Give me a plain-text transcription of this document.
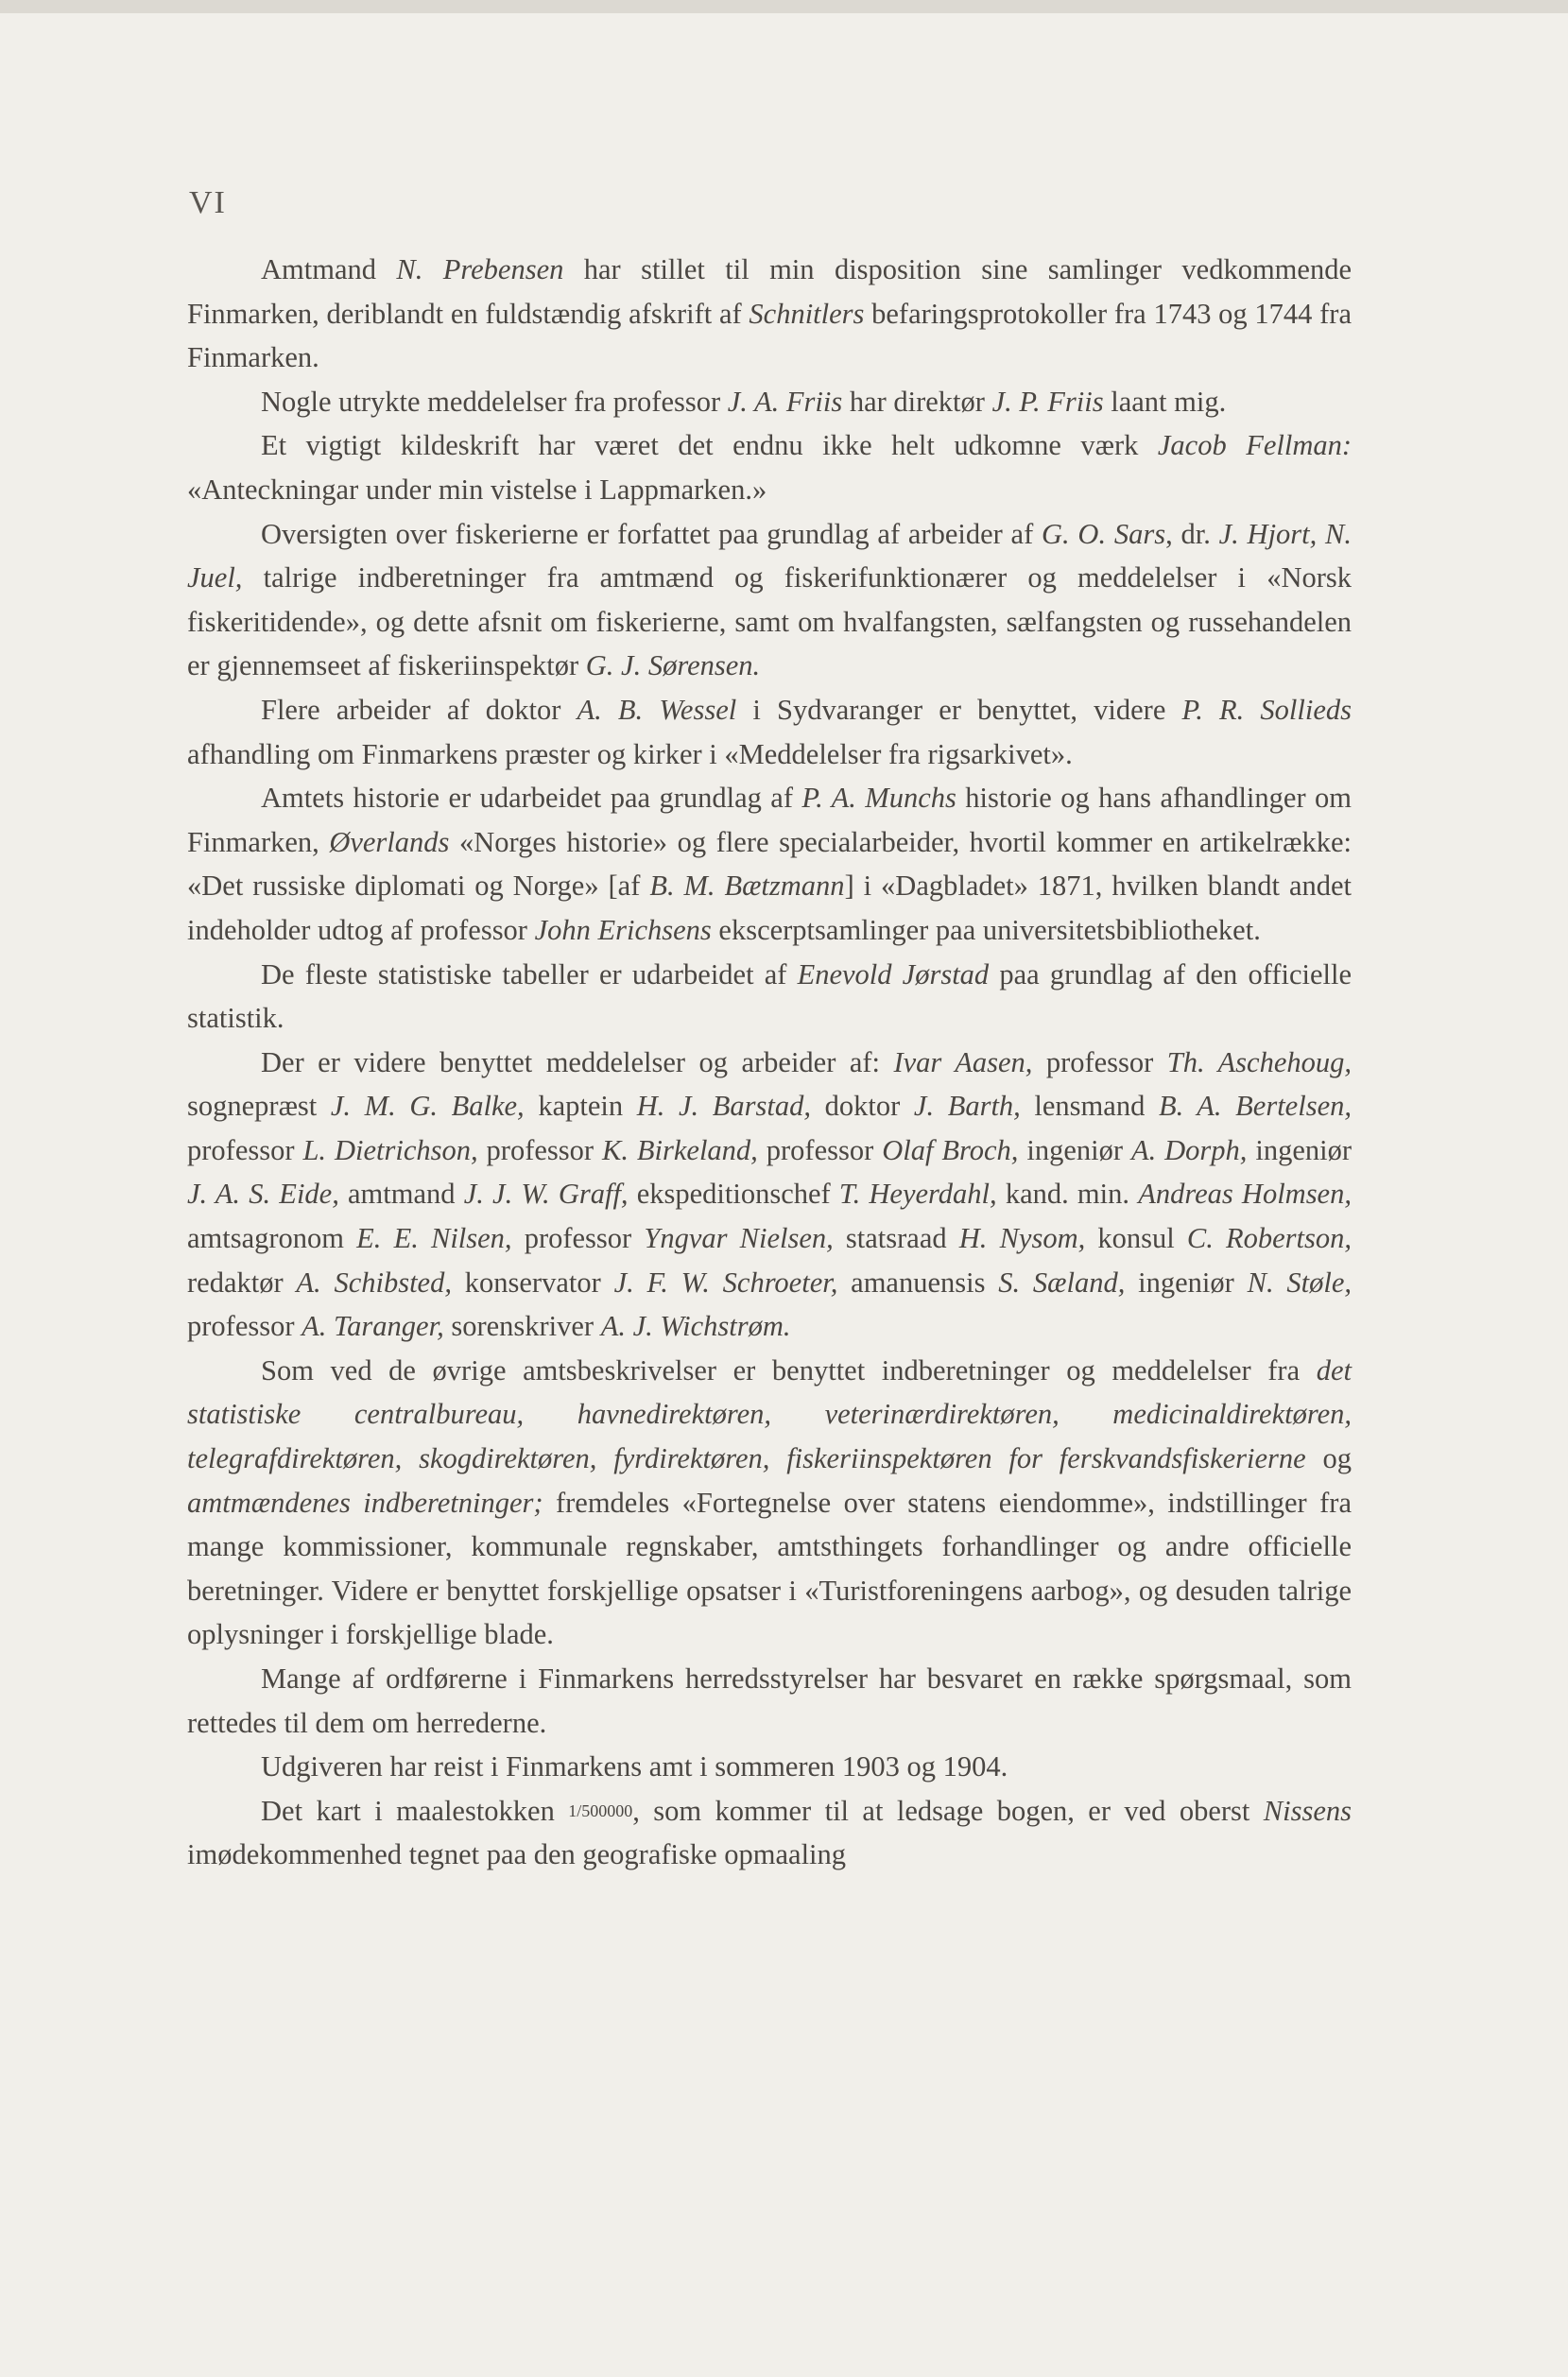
VI

Amtmand N. Prebensen har stillet til min disposition sine samlinger vedkommende Finmarken, deriblandt en fuldstændig afskrift af Schnitlers befaringsprotokoller fra 1743 og 1744 fra Finmarken.

Nogle utrykte meddelelser fra professor J. A. Friis har direktør J. P. Friis laant mig.

Et vigtigt kildeskrift har været det endnu ikke helt udkomne værk Jacob Fellman: «Anteckningar under min vistelse i Lappmarken.»

Oversigten over fiskerierne er forfattet paa grundlag af arbeider af G. O. Sars, dr. J. Hjort, N. Juel, talrige indberetninger fra amtmænd og fiskerifunktionærer og meddelelser i «Norsk fiskeritidende», og dette afsnit om fiskerierne, samt om hvalfangsten, sælfangsten og russehandelen er gjennemseet af fiskeriinspektør G. J. Sørensen.

Flere arbeider af doktor A. B. Wessel i Sydvaranger er benyttet, videre P. R. Sollieds afhandling om Finmarkens præster og kirker i «Meddelelser fra rigsarkivet».

Amtets historie er udarbeidet paa grundlag af P. A. Munchs historie og hans afhandlinger om Finmarken, Øverlands «Norges historie» og flere specialarbeider, hvortil kommer en artikelrække: «Det russiske diplomati og Norge» [af B. M. Bætzmann] i «Dagbladet» 1871, hvilken blandt andet indeholder udtog af professor John Erichsens ekscerptsamlinger paa universitetsbibliotheket.

De fleste statistiske tabeller er udarbeidet af Enevold Jørstad paa grundlag af den officielle statistik.

Der er videre benyttet meddelelser og arbeider af: Ivar Aasen, professor Th. Aschehoug, sognepræst J. M. G. Balke, kaptein H. J. Barstad, doktor J. Barth, lensmand B. A. Bertelsen, professor L. Dietrichson, professor K. Birkeland, professor Olaf Broch, ingeniør A. Dorph, ingeniør J. A. S. Eide, amtmand J. J. W. Graff, ekspeditionschef T. Heyerdahl, kand. min. Andreas Holmsen, amtsagronom E. E. Nilsen, professor Yngvar Nielsen, statsraad H. Nysom, konsul C. Robertson, redaktør A. Schibsted, konservator J. F. W. Schroeter, amanuensis S. Sæland, ingeniør N. Støle, professor A. Taranger, sorenskriver A. J. Wichstrøm.

Som ved de øvrige amtsbeskrivelser er benyttet indberetninger og meddelelser fra det statistiske centralbureau, havnedirektøren, veterinærdirektøren, medicinaldirektøren, telegrafdirektøren, skogdirektøren, fyrdirektøren, fiskeriinspektøren for ferskvandsfiskerierne og amtmændenes indberetninger; fremdeles «Fortegnelse over statens eiendomme», indstillinger fra mange kommissioner, kommunale regnskaber, amtsthingets forhandlinger og andre officielle beretninger. Videre er benyttet forskjellige opsatser i «Turistforeningens aarbog», og desuden talrige oplysninger i forskjellige blade.

Mange af ordførerne i Finmarkens herredsstyrelser har besvaret en række spørgsmaal, som rettedes til dem om herrederne.

Udgiveren har reist i Finmarkens amt i sommeren 1903 og 1904.

Det kart i maalestokken 1/500000, som kommer til at ledsage bogen, er ved oberst Nissens imødekommenhed tegnet paa den geografiske opmaaling
